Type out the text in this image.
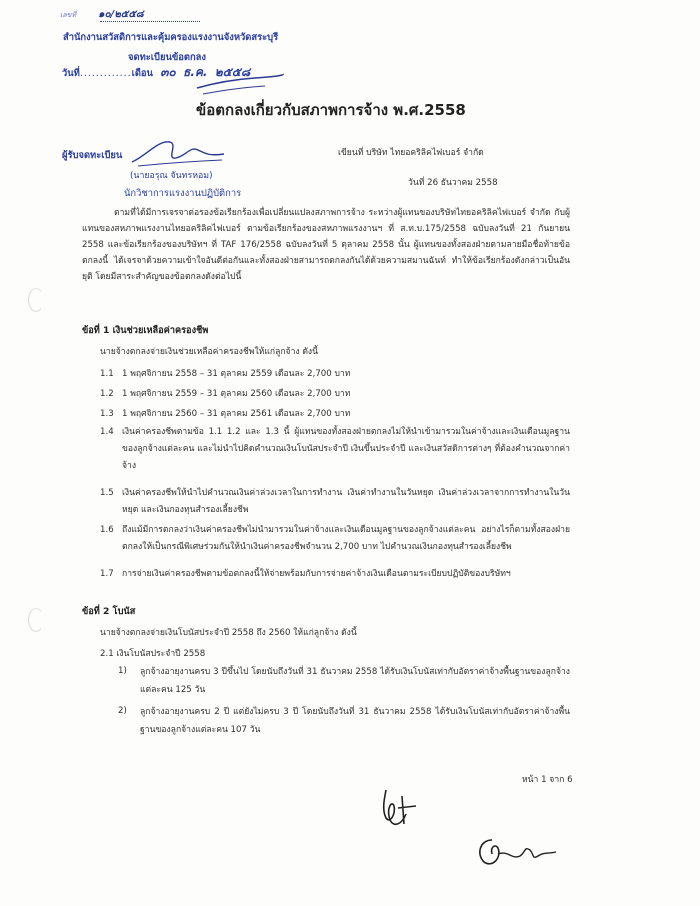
เลขที่ ๑๐/๒๕๕๘
สำนักงานสวัสดิการและคุ้มครองแรงงานจังหวัดสระบุรี
จดทะเบียนข้อตกลง
วันที่.............เดือน ๓๐ ธ.ค. ๒๕๕๘
ข้อตกลงเกี่ยวกับสภาพการจ้าง พ.ศ.2558
ผู้รับจดทะเบียน
(นายอรุณ จันทรหอม)
นักวิชาการแรงงานปฏิบัติการ
เขียนที่ บริษัท ไทยอคริลิคไฟเบอร์ จำกัด
วันที่ 26 ธันวาคม 2558
ตามที่ได้มีการเจรจาต่อรองข้อเรียกร้องเพื่อเปลี่ยนแปลงสภาพการจ้าง ระหว่างผู้แทนของบริษัทไทยอคริลิคไฟเบอร์ จำกัด กับผู้แทนของสหภาพแรงงานไทยอคริลิคไฟเบอร์ ตามข้อเรียกร้องของสหภาพแรงงานฯ ที่ ส.ท.บ.175/2558 ฉบับลงวันที่ 21 กันยายน 2558 และข้อเรียกร้องของบริษัทฯ ที่ TAF 176/2558 ฉบับลงวันที่ 5 ตุลาคม 2558 นั้น ผู้แทนของทั้งสองฝ่ายตามลายมือชื่อท้ายข้อตกลงนี้ ได้เจรจาด้วยความเข้าใจอันดีต่อกันและทั้งสองฝ่ายสามารถตกลงกันได้ด้วยความสมานฉันท์ ทำให้ข้อเรียกร้องดังกล่าวเป็นอันยุติ โดยมีสาระสำคัญของข้อตกลงดังต่อไปนี้
ข้อที่ 1 เงินช่วยเหลือค่าครองชีพ
นายจ้างตกลงจ่ายเงินช่วยเหลือค่าครองชีพให้แก่ลูกจ้าง ดังนี้
1.1 1 พฤศจิกายน 2558 – 31 ตุลาคม 2559 เดือนละ 2,700 บาท
1.2 1 พฤศจิกายน 2559 – 31 ตุลาคม 2560 เดือนละ 2,700 บาท
1.3 1 พฤศจิกายน 2560 – 31 ตุลาคม 2561 เดือนละ 2,700 บาท
1.4 เงินค่าครองชีพตามข้อ 1.1 1.2 และ 1.3 นี้ ผู้แทนของทั้งสองฝ่ายตกลงไม่ให้นำเข้ามารวมในค่าจ้างและเงินเดือนมูลฐานของลูกจ้างแต่ละคน และไม่นำไปคิดคำนวณเงินโบนัสประจำปี เงินขึ้นประจำปี และเงินสวัสดิการต่างๆ ที่ต้องคำนวณจากค่าจ้าง
1.5 เงินค่าครองชีพให้นำไปคำนวณเงินค่าล่วงเวลาในการทำงาน เงินค่าทำงานในวันหยุด เงินค่าล่วงเวลาจากการทำงานในวันหยุด และเงินกองทุนสำรองเลี้ยงชีพ
1.6 ถึงแม้มีการตกลงว่าเงินค่าครองชีพไม่นำมารวมในค่าจ้างและเงินเดือนมูลฐานของลูกจ้างแต่ละคน อย่างไรก็ตามทั้งสองฝ่ายตกลงให้เป็นกรณีพิเศษร่วมกันให้นำเงินค่าครองชีพจำนวน 2,700 บาท ไปคำนวณเงินกองทุนสำรองเลี้ยงชีพ
1.7 การจ่ายเงินค่าครองชีพตามข้อตกลงนี้ให้จ่ายพร้อมกับการจ่ายค่าจ้างเงินเดือนตามระเบียบปฏิบัติของบริษัทฯ
ข้อที่ 2 โบนัส
นายจ้างตกลงจ่ายเงินโบนัสประจำปี 2558 ถึง 2560 ให้แก่ลูกจ้าง ดังนี้
2.1 เงินโบนัสประจำปี 2558
1) ลูกจ้างอายุงานครบ 3 ปีขึ้นไป โดยนับถึงวันที่ 31 ธันวาคม 2558 ได้รับเงินโบนัสเท่ากับอัตราค่าจ้างพื้นฐานของลูกจ้างแต่ละคน 125 วัน
2) ลูกจ้างอายุงานครบ 2 ปี แต่ยังไม่ครบ 3 ปี โดยนับถึงวันที่ 31 ธันวาคม 2558 ได้รับเงินโบนัสเท่ากับอัตราค่าจ้างพื้นฐานของลูกจ้างแต่ละคน 107 วัน
หน้า 1 จาก 6
